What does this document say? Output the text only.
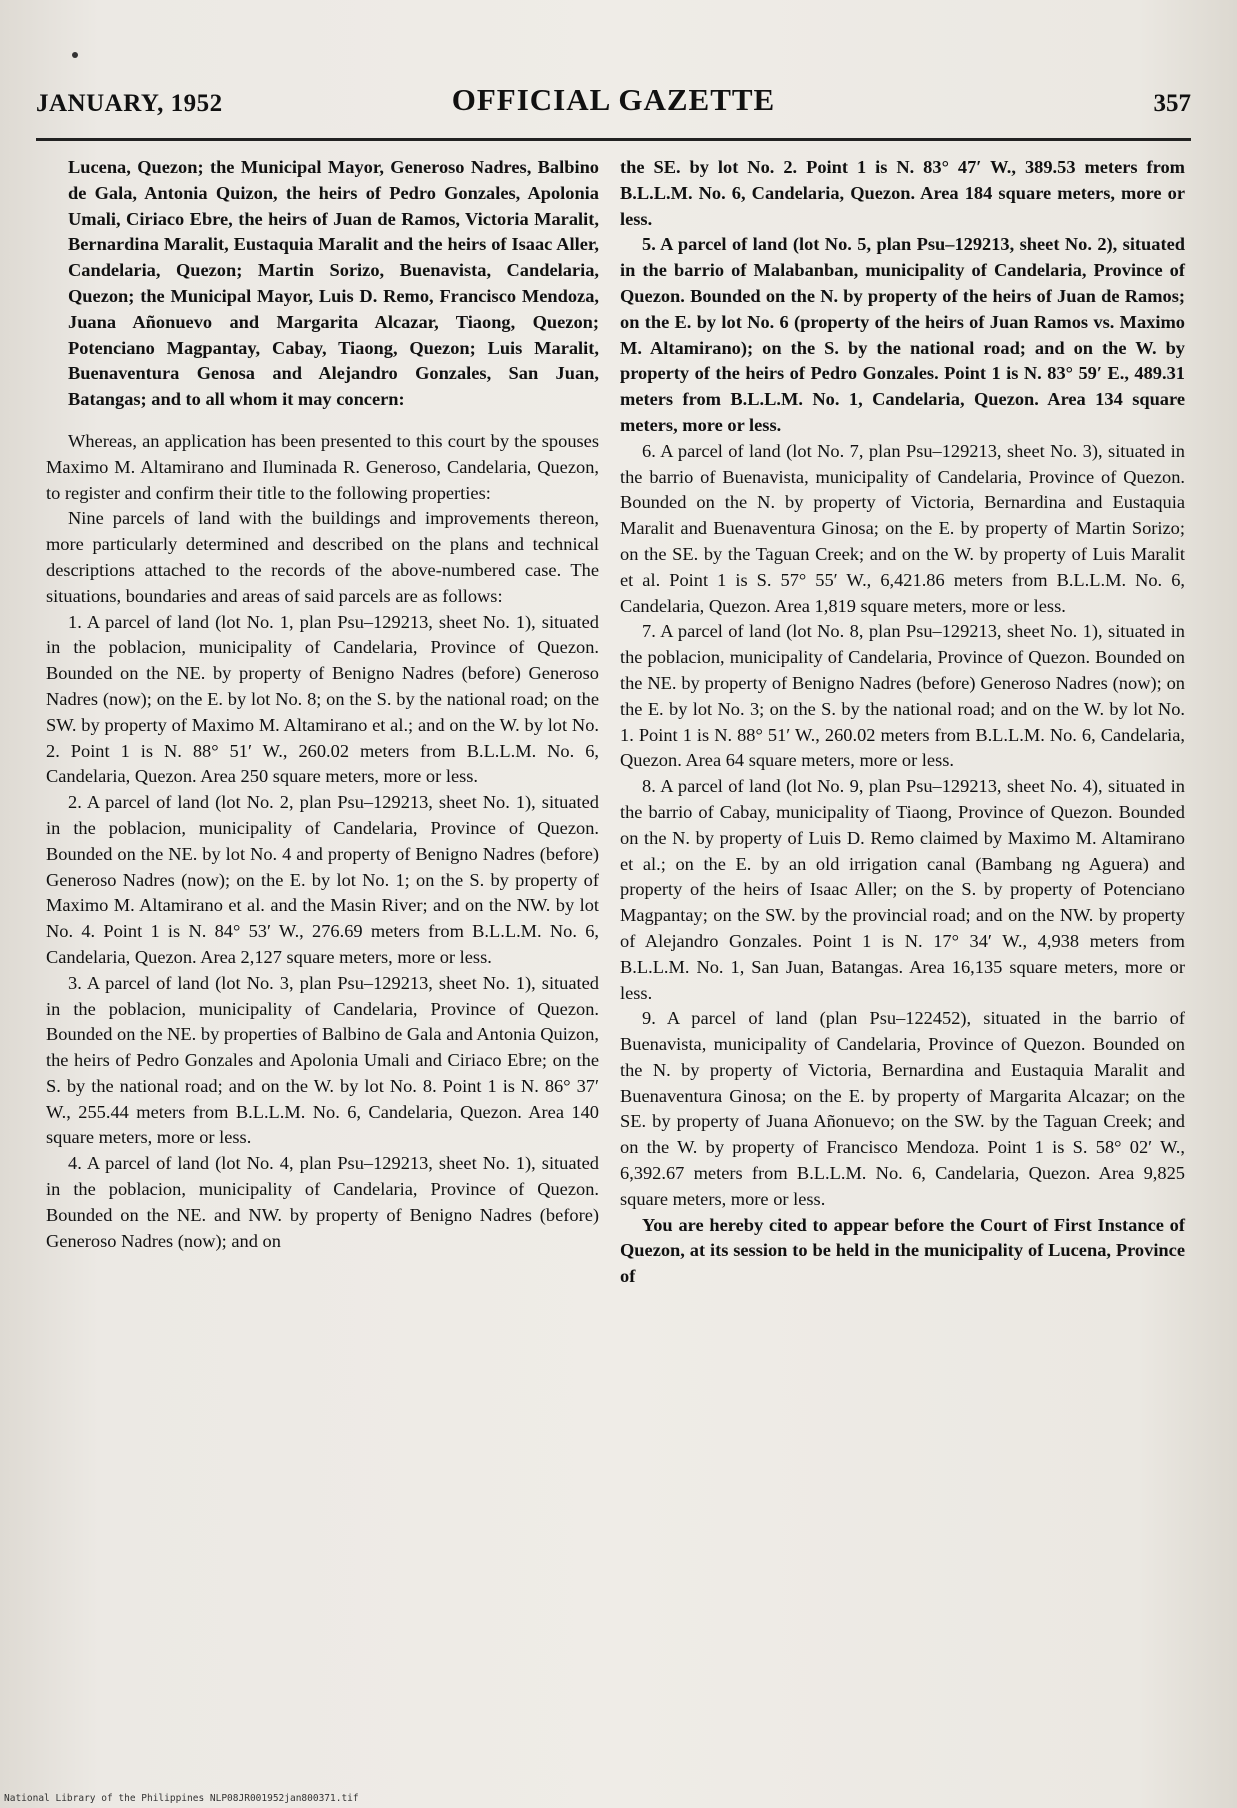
JANUARY, 1952	OFFICIAL GAZETTE	357

Lucena, Quezon; the Municipal Mayor, Generoso Nadres, Balbino de Gala, Antonia Quizon, the heirs of Pedro Gonzales, Apolonia Umali, Ciriaco Ebre, the heirs of Juan de Ramos, Victoria Maralit, Bernardina Maralit, Eustaquia Maralit and the heirs of Isaac Aller, Candelaria, Quezon; Martin Sorizo, Buenavista, Candelaria, Quezon; the Municipal Mayor, Luis D. Remo, Francisco Mendoza, Juana Añonuevo and Margarita Alcazar, Tiaong, Quezon; Potenciano Magpantay, Cabay, Tiaong, Quezon; Luis Maralit, Buenaventura Genosa and Alejandro Gonzales, San Juan, Batangas; and to all whom it may concern:

Whereas, an application has been presented to this court by the spouses Maximo M. Altamirano and Iluminada R. Generoso, Candelaria, Quezon, to register and confirm their title to the following properties:

Nine parcels of land with the buildings and improvements thereon, more particularly determined and described on the plans and technical descriptions attached to the records of the above-numbered case. The situations, boundaries and areas of said parcels are as follows:

1. A parcel of land (lot No. 1, plan Psu–129213, sheet No. 1), situated in the poblacion, municipality of Candelaria, Province of Quezon. Bounded on the NE. by property of Benigno Nadres (before) Generoso Nadres (now); on the E. by lot No. 8; on the S. by the national road; on the SW. by property of Maximo M. Altamirano et al.; and on the W. by lot No. 2. Point 1 is N. 88° 51′ W., 260.02 meters from B.L.L.M. No. 6, Candelaria, Quezon. Area 250 square meters, more or less.

2. A parcel of land (lot No. 2, plan Psu–129213, sheet No. 1), situated in the poblacion, municipality of Candelaria, Province of Quezon. Bounded on the NE. by lot No. 4 and property of Benigno Nadres (before) Generoso Nadres (now); on the E. by lot No. 1; on the S. by property of Maximo M. Altamirano et al. and the Masin River; and on the NW. by lot No. 4. Point 1 is N. 84° 53′ W., 276.69 meters from B.L.L.M. No. 6, Candelaria, Quezon. Area 2,127 square meters, more or less.

3. A parcel of land (lot No. 3, plan Psu–129213, sheet No. 1), situated in the poblacion, municipality of Candelaria, Province of Quezon. Bounded on the NE. by properties of Balbino de Gala and Antonia Quizon, the heirs of Pedro Gonzales and Apolonia Umali and Ciriaco Ebre; on the S. by the national road; and on the W. by lot No. 8. Point 1 is N. 86° 37′ W., 255.44 meters from B.L.L.M. No. 6, Candelaria, Quezon. Area 140 square meters, more or less.

4. A parcel of land (lot No. 4, plan Psu–129213, sheet No. 1), situated in the poblacion, municipality of Candelaria, Province of Quezon. Bounded on the NE. and NW. by property of Benigno Nadres (before) Generoso Nadres (now); and on

the SE. by lot No. 2. Point 1 is N. 83° 47′ W., 389.53 meters from B.L.L.M. No. 6, Candelaria, Quezon. Area 184 square meters, more or less.

5. A parcel of land (lot No. 5, plan Psu–129213, sheet No. 2), situated in the barrio of Malabanban, municipality of Candelaria, Province of Quezon. Bounded on the N. by property of the heirs of Juan de Ramos; on the E. by lot No. 6 (property of the heirs of Juan Ramos vs. Maximo M. Altamirano); on the S. by the national road; and on the W. by property of the heirs of Pedro Gonzales. Point 1 is N. 83° 59′ E., 489.31 meters from B.L.L.M. No. 1, Candelaria, Quezon. Area 134 square meters, more or less.

6. A parcel of land (lot No. 7, plan Psu–129213, sheet No. 3), situated in the barrio of Buenavista, municipality of Candelaria, Province of Quezon. Bounded on the N. by property of Victoria, Bernardina and Eustaquia Maralit and Buenaventura Ginosa; on the E. by property of Martin Sorizo; on the SE. by the Taguan Creek; and on the W. by property of Luis Maralit et al. Point 1 is S. 57° 55′ W., 6,421.86 meters from B.L.L.M. No. 6, Candelaria, Quezon. Area 1,819 square meters, more or less.

7. A parcel of land (lot No. 8, plan Psu–129213, sheet No. 1), situated in the poblacion, municipality of Candelaria, Province of Quezon. Bounded on the NE. by property of Benigno Nadres (before) Generoso Nadres (now); on the E. by lot No. 3; on the S. by the national road; and on the W. by lot No. 1. Point 1 is N. 88° 51′ W., 260.02 meters from B.L.L.M. No. 6, Candelaria, Quezon. Area 64 square meters, more or less.

8. A parcel of land (lot No. 9, plan Psu–129213, sheet No. 4), situated in the barrio of Cabay, municipality of Tiaong, Province of Quezon. Bounded on the N. by property of Luis D. Remo claimed by Maximo M. Altamirano et al.; on the E. by an old irrigation canal (Bambang ng Aguera) and property of the heirs of Isaac Aller; on the S. by property of Potenciano Magpantay; on the SW. by the provincial road; and on the NW. by property of Alejandro Gonzales. Point 1 is N. 17° 34′ W., 4,938 meters from B.L.L.M. No. 1, San Juan, Batangas. Area 16,135 square meters, more or less.

9. A parcel of land (plan Psu–122452), situated in the barrio of Buenavista, municipality of Candelaria, Province of Quezon. Bounded on the N. by property of Victoria, Bernardina and Eustaquia Maralit and Buenaventura Ginosa; on the E. by property of Margarita Alcazar; on the SE. by property of Juana Añonuevo; on the SW. by the Taguan Creek; and on the W. by property of Francisco Mendoza. Point 1 is S. 58° 02′ W., 6,392.67 meters from B.L.L.M. No. 6, Candelaria, Quezon. Area 9,825 square meters, more or less.

You are hereby cited to appear before the Court of First Instance of Quezon, at its session to be held in the municipality of Lucena, Province of

National Library of the Philippines NLP08JR001952jan800371.tif
